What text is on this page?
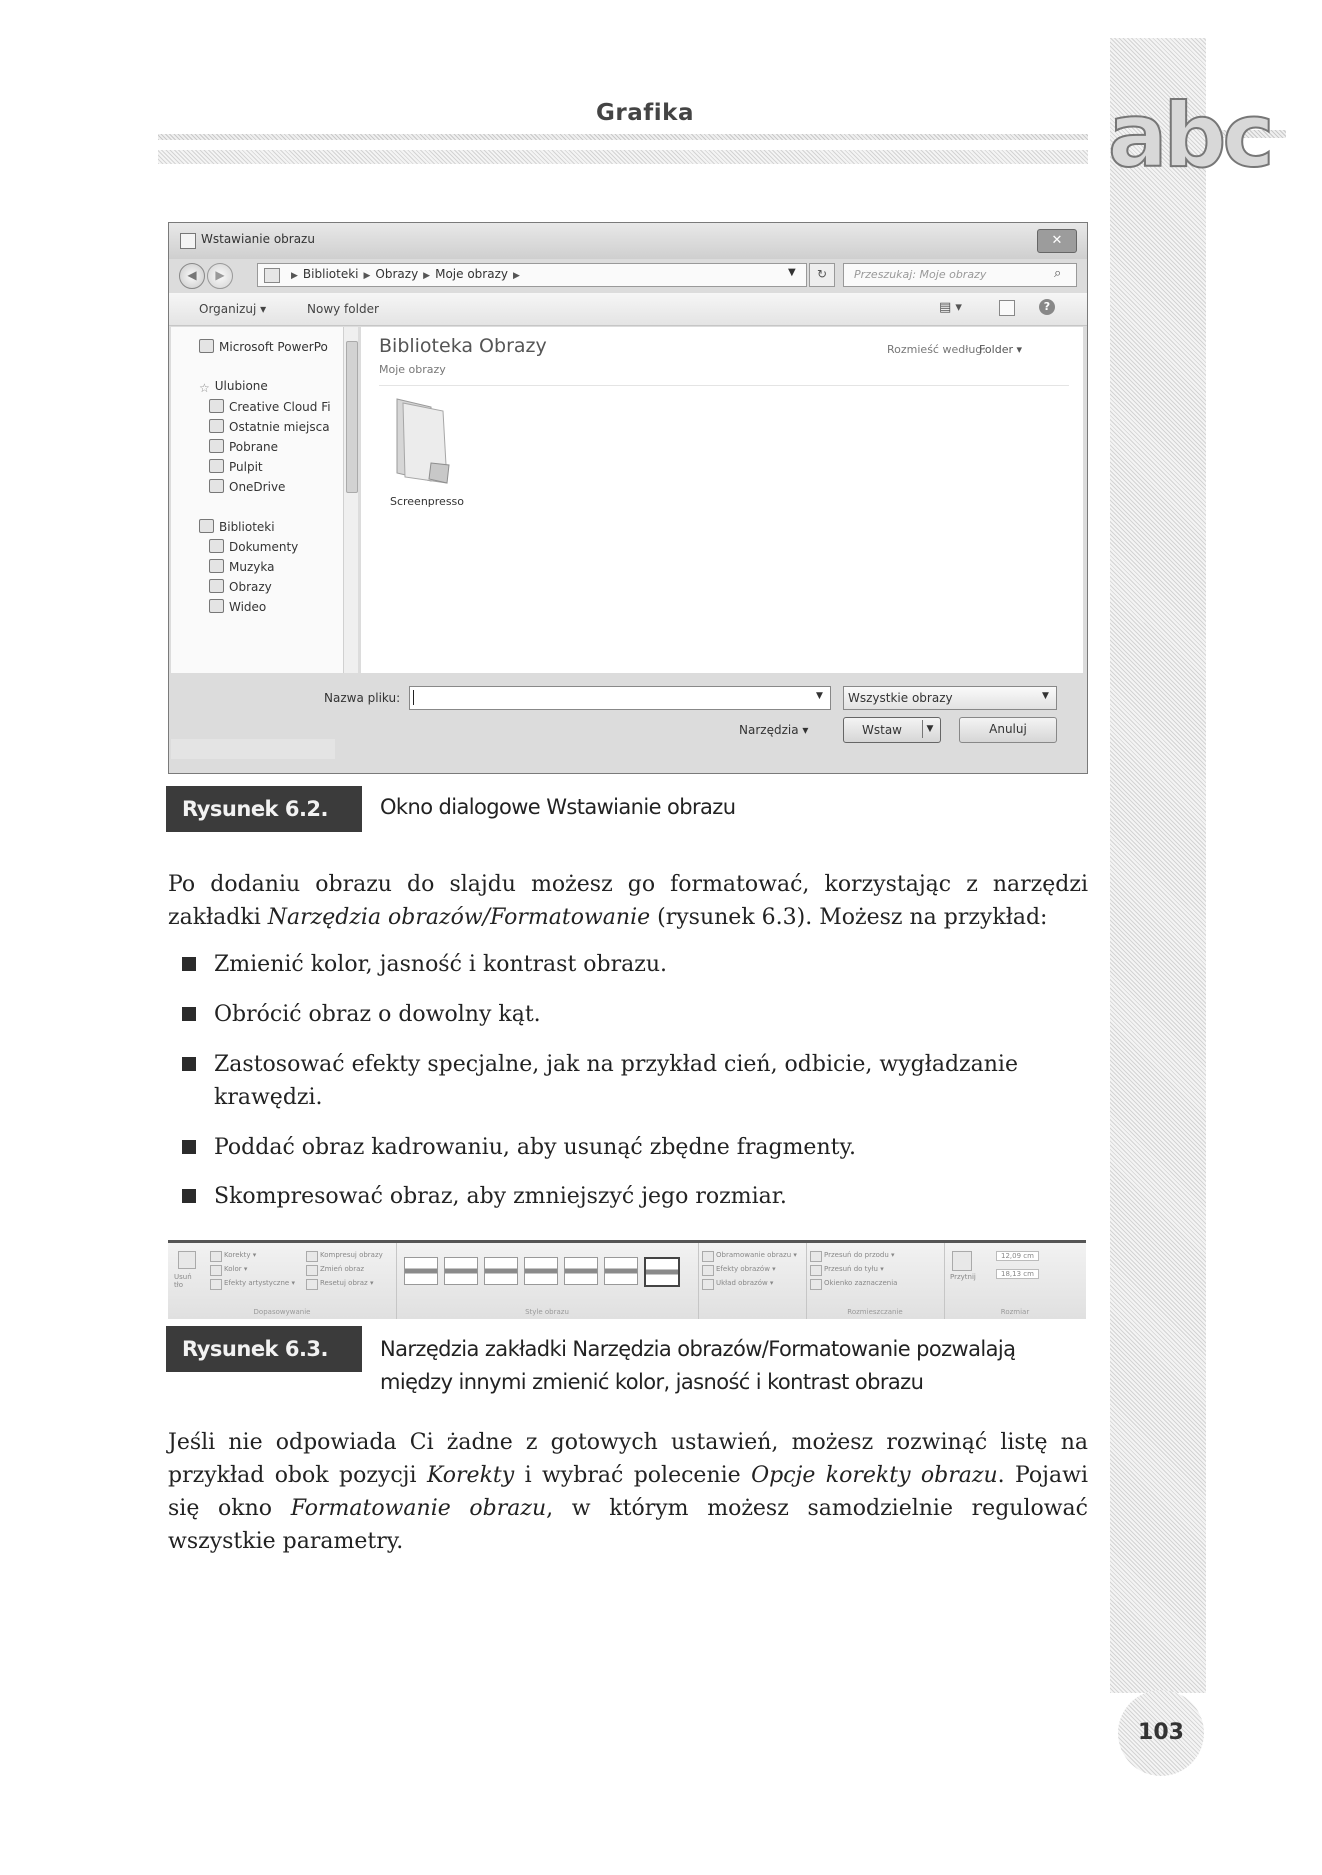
Grafika	abc
Wstawianie obrazu	✕
◀	▶	▶ Biblioteki ▶ Obrazy ▶ Moje obrazy ▶	▼	↻	Przeszukaj: Moje obrazy	⌕
Organizuj ▾	Nowy folder	▤ ▾	?
Microsoft PowerPo
☆ Ulubione
Creative Cloud Fi
Ostatnie miejsca
Pobrane
Pulpit
OneDrive
Biblioteki
Dokumenty
Muzyka
Obrazy
Wideo
Biblioteka Obrazy
Moje obrazy
Rozmieść według:
Folder ▾
Screenpresso
Nazwa pliku:	▼ Wszystkie obrazy	▼
Narzędzia ▾	Wstaw	▼	Anuluj
Rysunek 6.2.	Okno dialogowe Wstawianie obrazu
Po dodaniu obrazu do slajdu możesz go formatować, korzystając z narzędzi zakładki Narzędzia obrazów/Formatowanie (rysunek 6.3). Możesz na przykład:
Zmienić kolor, jasność i kontrast obrazu.
Obrócić obraz o dowolny kąt.
Zastosować efekty specjalne, jak na przykład cień, odbicie, wygładzanie krawędzi.
Poddać obraz kadrowaniu, aby usunąć zbędne fragmenty.
Skompresować obraz, aby zmniejszyć jego rozmiar.
Usuń tło
Korekty ▾
Kolor ▾
Efekty artystyczne ▾
Kompresuj obrazy
Zmień obraz
Resetuj obraz ▾
Dopasowywanie	Style obrazu
Obramowanie obrazu ▾
Efekty obrazów ▾
Układ obrazów ▾
Przesuń do przodu ▾
Przesuń do tyłu ▾
Okienko zaznaczenia
Rozmieszczanie
Przytnij
12,09 cm
18,13 cm
Rozmiar
Rysunek 6.3.	Narzędzia zakładki Narzędzia obrazów/Formatowanie pozwalają
między innymi zmienić kolor, jasność i kontrast obrazu
Jeśli nie odpowiada Ci żadne z gotowych ustawień, możesz rozwinąć listę na przykład obok pozycji Korekty i wybrać polecenie Opcje korekty obrazu. Pojawi się okno Formatowanie obrazu, w którym możesz samodzielnie regulować wszystkie parametry.
103
